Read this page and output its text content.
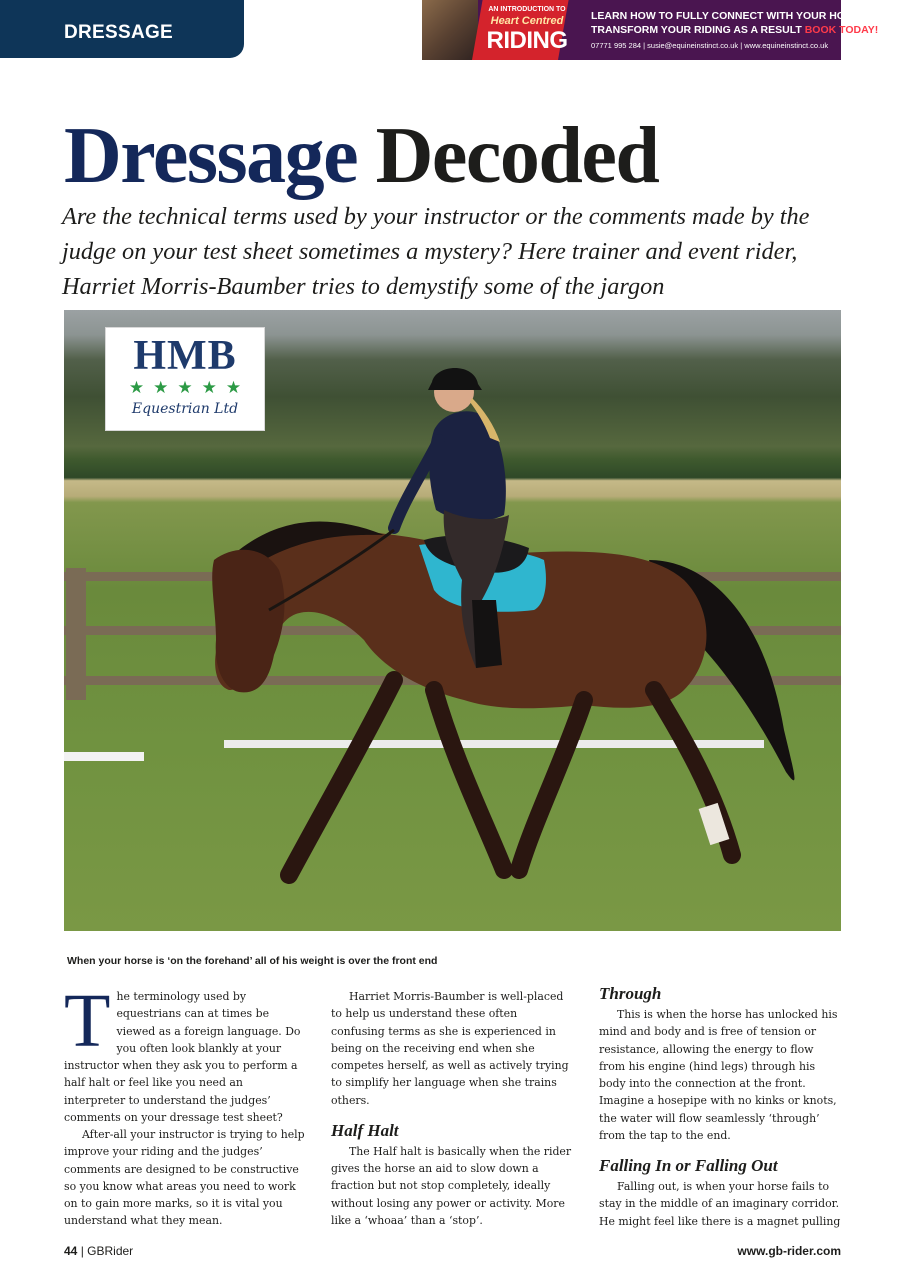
DRESSAGE
AN INTRODUCTION TO
Heart Centred
RIDING
LEARN HOW TO FULLY CONNECT WITH YOUR HORSE AND
TRANSFORM YOUR RIDING AS A RESULT BOOK TODAY!
07771 995 284 | susie@equineinstinct.co.uk | www.equineinstinct.co.uk
Dressage Decoded

Are the technical terms used by your instructor or the comments made by the judge on your test sheet sometimes a mystery? Here trainer and event rider, Harriet Morris-Baumber tries to demystify some of the jargon

HMB
★★★★★
Equestrian Ltd
When your horse is ‘on the forehand’ all of his weight is over the front end

The terminology used by equestrians can at times be viewed as a foreign language. Do you often look blankly at your instructor when they ask you to perform a half halt or feel like you need an interpreter to understand the judges’ comments on your dressage test sheet?

After-all your instructor is trying to help improve your riding and the judges’ comments are designed to be constructive so you know what areas you need to work on to gain more marks, so it is vital you understand what they mean.

Harriet Morris-Baumber is well-placed to help us understand these often confusing terms as she is experienced in being on the receiving end when she competes herself, as well as actively trying to simplify her language when she trains others.

Half Halt

The Half halt is basically when the rider gives the horse an aid to slow down a fraction but not stop completely, ideally without losing any power or activity. More like a ‘whoaa’ than a ‘stop’.

Through

This is when the horse has unlocked his mind and body and is free of tension or resistance, allowing the energy to flow from his engine (hind legs) through his body into the connection at the front. Imagine a hosepipe with no kinks or knots, the water will flow seamlessly ‘through’ from the tap to the end.

Falling In or Falling Out

Falling out, is when your horse fails to stay in the middle of an imaginary corridor. He might feel like there is a magnet pulling

44 | GBRider	www.gb-rider.com
